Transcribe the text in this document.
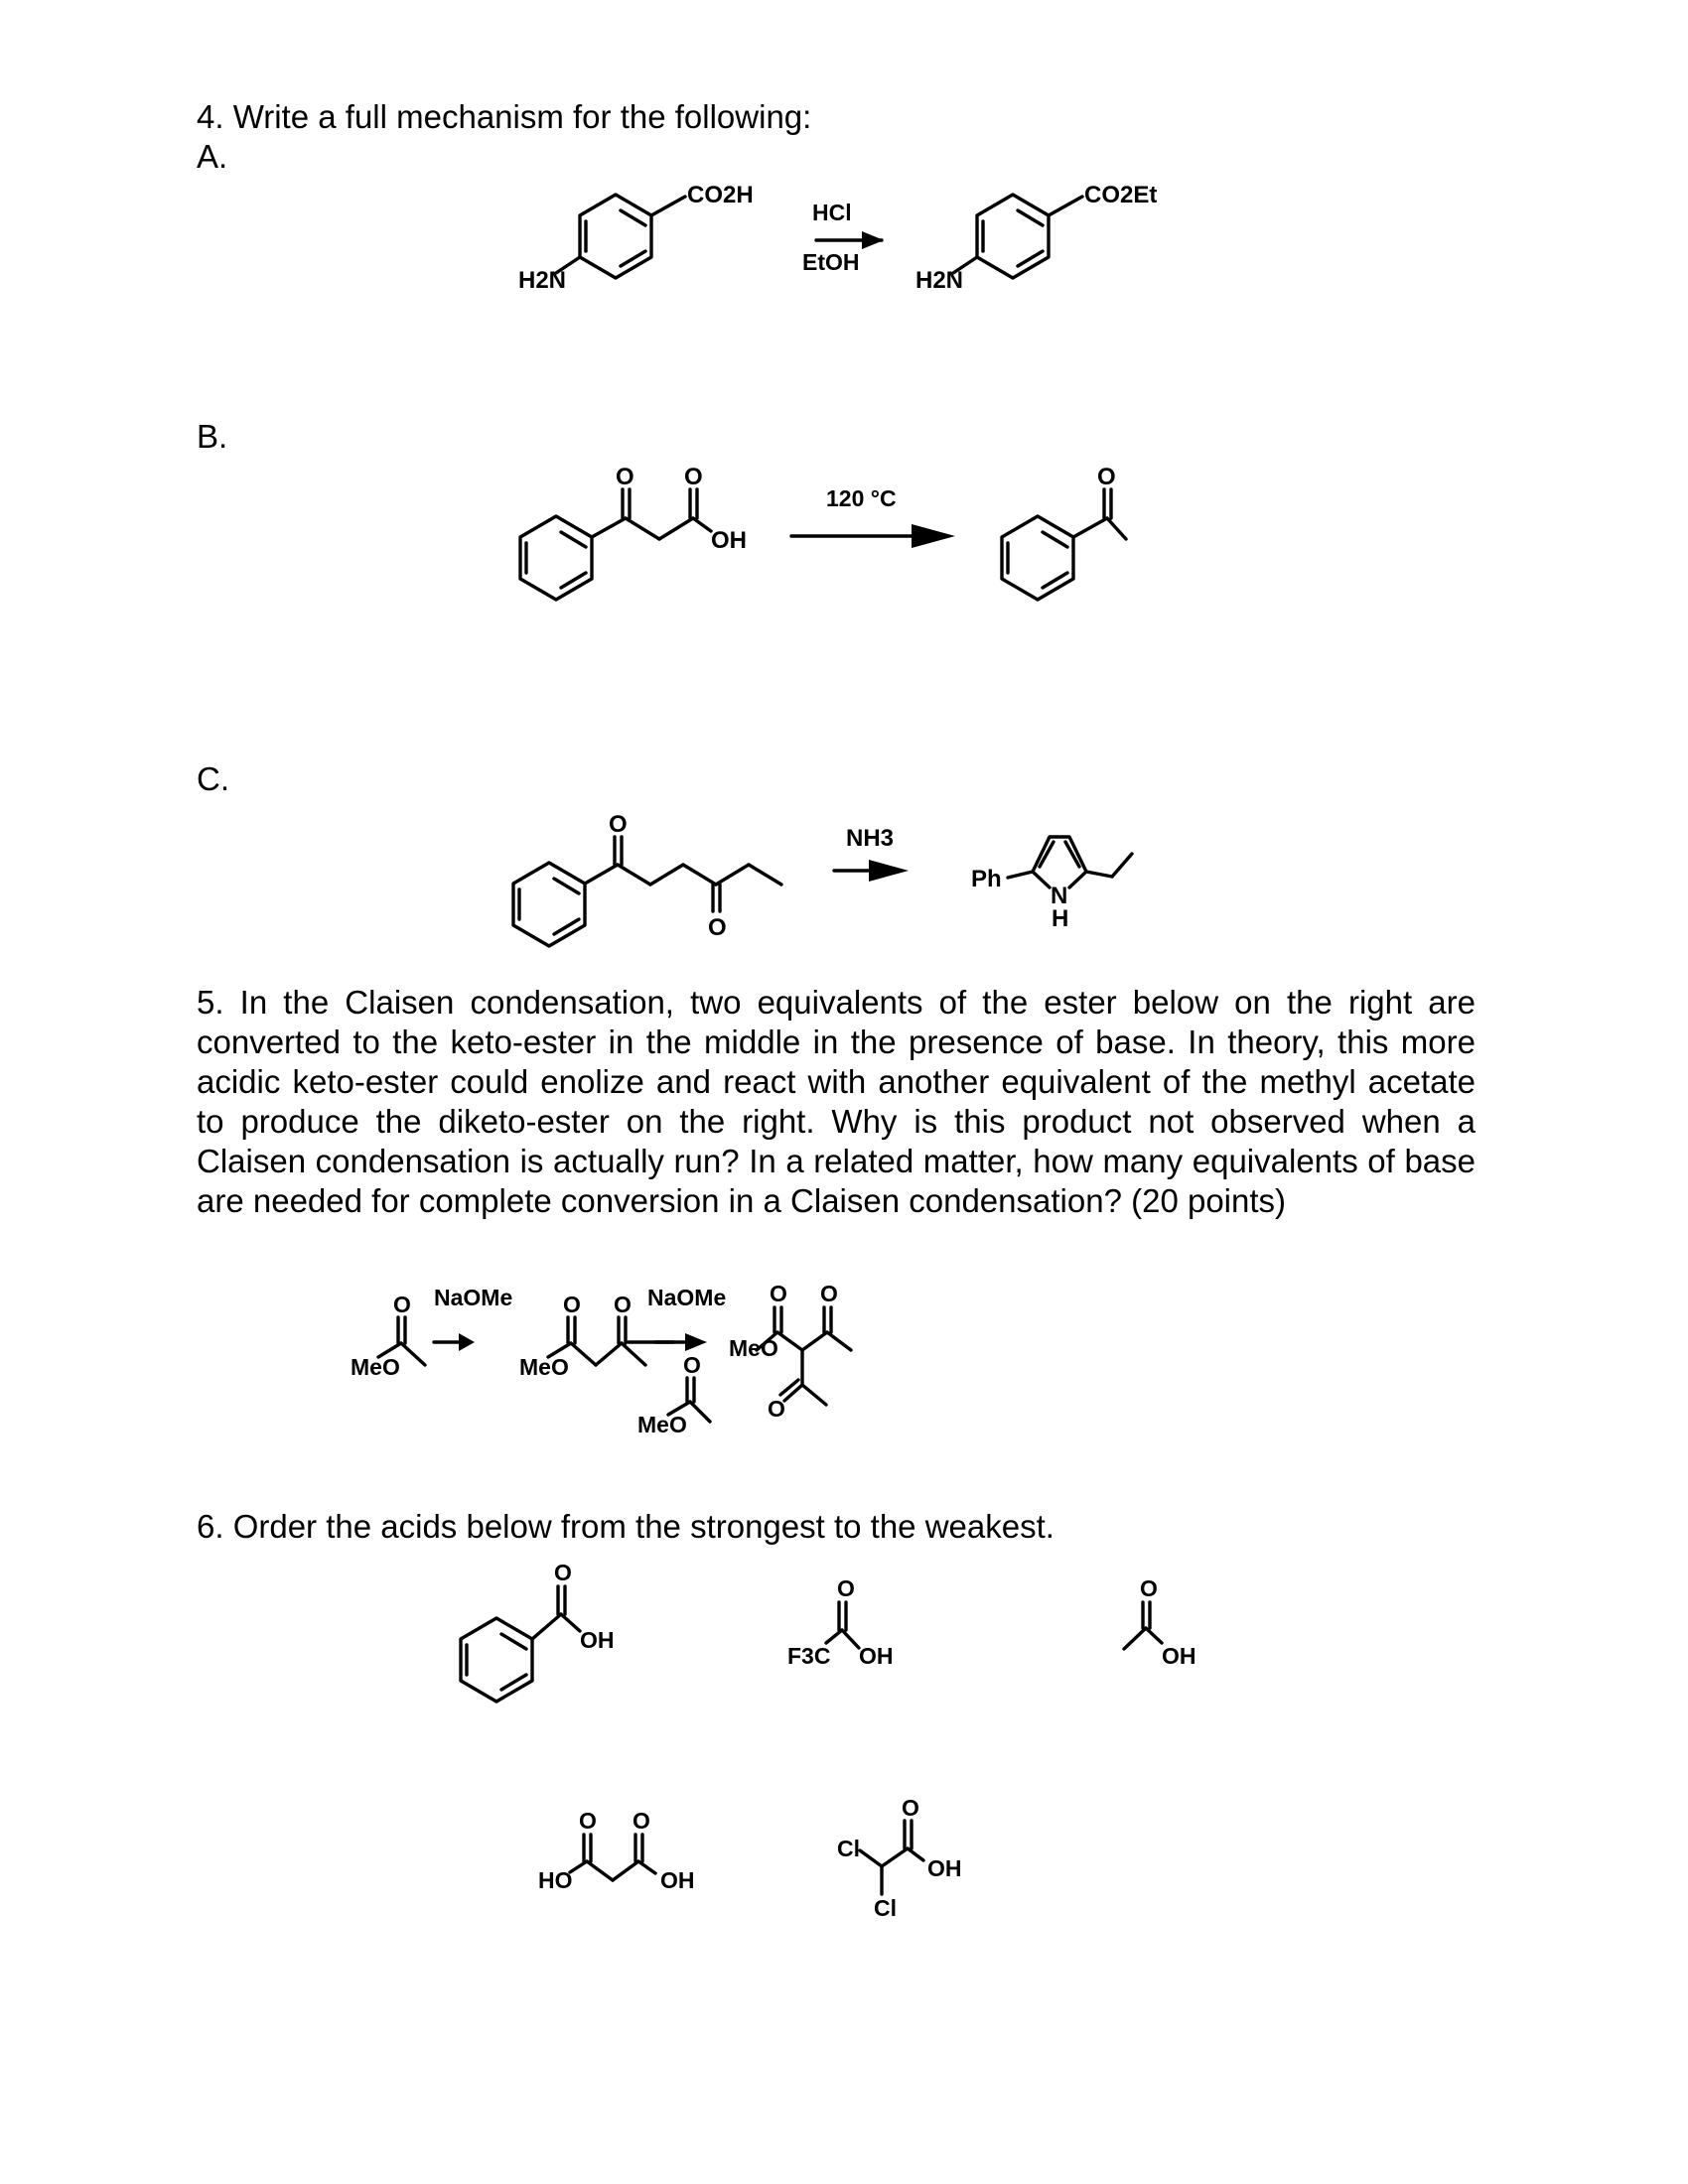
4. Write a full mechanism for the following:
A.
B.
C.
CO2H
H2N
HCl
EtOH
CO2Et
H2N
O O
OH
120 °C
O
O
O
NH3
Ph
N
H
5. In the Claisen condensation, two equivalents of the ester below on the right are converted to the keto-ester in the middle in the presence of base. In theory, this more acidic keto-ester could enolize and react with another equivalent of the methyl acetate to produce the diketo-ester on the right. Why is this product not observed when a Claisen condensation is actually run? In a related matter, how many equivalents of base are needed for complete conversion in a Claisen condensation? (20 points)
MeO
O NaOMe
MeO
O O NaOMe
MeO
O
MeO
O O
O
6. Order the acids below from the strongest to the weakest.
O
OH
O
OH
F3C
O
OH
O O
HO	OH
O
OH
Cl
Cl
